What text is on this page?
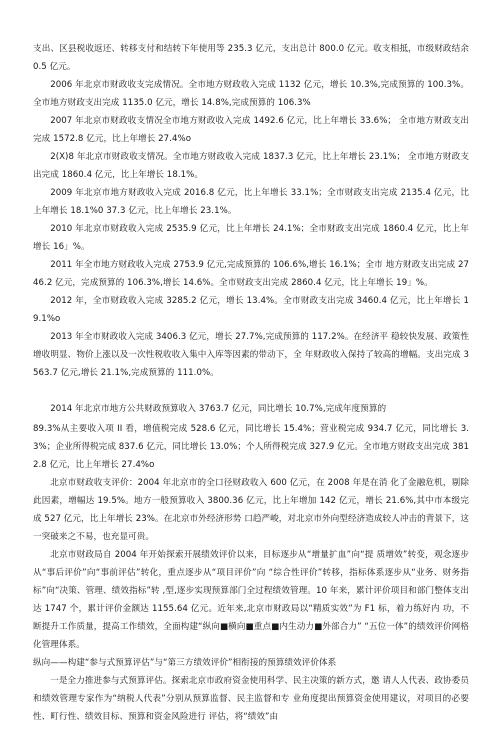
支出、区县税收返还、转移支付和结转下年使用等 235.3 亿元，支出总计 800.0 亿元。收支相抵，市级财政结余 0.5 亿元。

2006 年北京市财政收支完成情况。全市地方财政收入完成 1132 亿元，增长 10.3%,完成预算的 100.3%。全市地方财政支出完成 1135.0 亿元，增长 14.8%,完成预算的 106.3%

2007 年北京市财政收支情况全市地方财政收入完成 1492.6 亿元，比上年增长 33.6%； 全市地方财政支出完成 1572.8 亿元，比上年增长 27.4%o

2(X)8 年北京市财政收支情况。全市地方财政收入完成 1837.3 亿元，比上年增长 23.1%； 全市地方财政支出完成 1860.4 亿元，比上年增长 18.1%。

2009 年北京市地方财政收入完成 2016.8 亿元，比上年增长 33.1%；全市财政支出完成 2135.4 亿元，比上年增长 18.1%0 37.3 亿元，比上年增长 23.1%。

2010 年北京市财政收入完成 2535.9 亿元，比上年增长 24.1%；全市财政支出完成 1860.4 亿元，比上年增长 16」%。

2011 年全市地方财政收入完成 2753.9 亿元,完成预算的 106.6%,增长 16.1%；全市 地方财政支出完成 2746.2 亿元，完成预算的 106.3%,增长 14.6%。全市财政支出完成 2860.4 亿元，比上年增长 19」%。

2012 年，全市财政收入完成 3285.2 亿元，增长 13.4%。全市财政支出完成 3460.4 亿元，比上年增长 19.1%o

2013 年全市财政收入完成 3406.3 亿元，增长 27.7%,完成预算的 117.2%。在经济平 稳较快发展、政策性增收明显、物价上涨以及一次性税收收入集中入库等因素的带动下，全 年财政收入保持了较高的增幅。支出完成 3563.7 亿元,增长 21.1%,完成预算的 111.0%。

2014 年北京市地方公共财政预算收入 3763.7 亿元，同比增长 10.7%,完成年度预算的

89.3%从主要收入项 II 看，增值税完成 528.6 亿元，同比增长 15.4%；营业税完成 934.7 亿元，同比增长 3.3%；企业所得税完成 837.6 亿元，同比增长 13.0%；个人所得税完成 327.9 亿元。全市地方财政支出完成 3812.8 亿元，比上年增长 27.4%o

北京市财政收支评价：2004 年北京市的全口径财政收入 600 亿元，在 2008 年是在消 化了金融危机，剔除此因素，增幅达 19.5%。地方一般预算收入 3800.36 亿元，比上年增加 142 亿元，增长 21.6%,其中市本级完成 527 亿元，比上年增长 23%。在北京市外经济形势 口趋严峻，对北京市外向型经济造成较人冲击的背景下，这一突破来之不易，也充显可贵。

北京市财政局自 2004 年开始探索开展绩效评价以来，目标逐步从“增量扩血”向“提 质增效”转变，观念逐步从“事后评价”向“事前评估”转化，重点逐步从“项目评价”向 “综合性评价”转移，指标体系逐步从“业务、财务指标”向“决策、管理、绩效指标”转 ,型,逐步实现预算部门全过程绩效管理。10 年来，累计评价项目和部门整体支出达 1747 个，累计评价金额达 1155.64 亿元。近年来,北京市财政局以“精质实效”为 F1 标，着力练好内 功，不断提升工作质量，提高工作绩效，全面构建“纵向■横向■重点■内生动力■外部合力” “五位一体”的绩效评价网格化管理体系。

纵向——构建“参与式预算评估”与“第三方绩效评价”相衔接的预算绩效评价体系

一是全力推进参与式预算评估。探索北京市政府资金使用科学、民主决策的新方式，邀 请人人代表、政协委员和绩效管理专家作为“纳税人代表”分别从预算监督、民主监督和专 业角度提出预算资金使用建议，对项目的必要性、町行性、绩效目标、预算和资金风险进行 评估，将“绩效”由
